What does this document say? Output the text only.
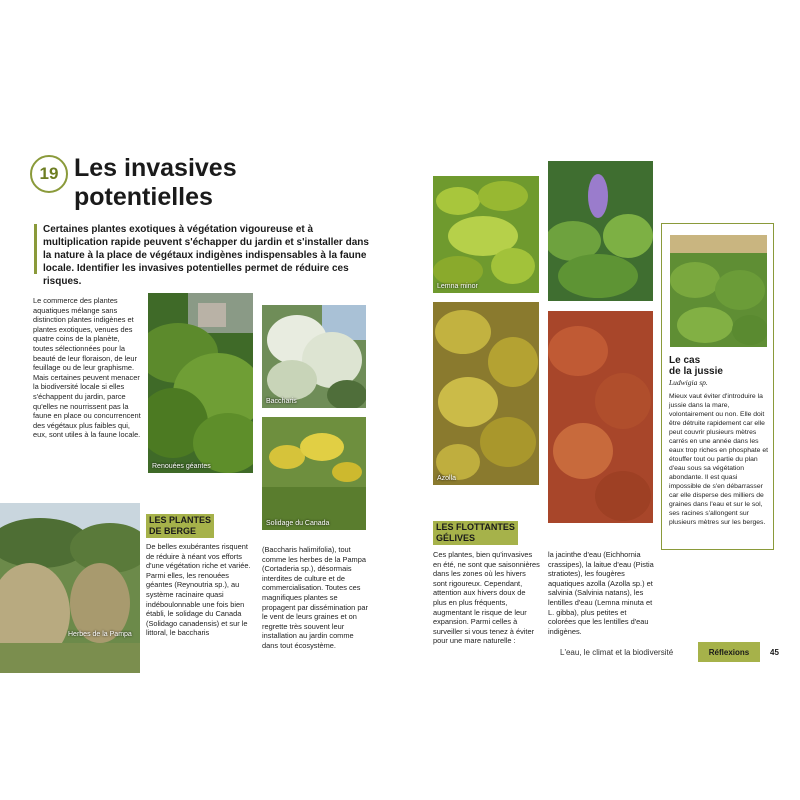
19 Les invasives
potentielles
Certaines plantes exotiques à végétation vigoureuse et à multiplication rapide peuvent s'échapper du jardin et s'installer dans la nature à la place de végétaux indigènes indispensables à la faune locale. Identifier les invasives potentielles permet de réduire ces risques.
Le commerce des plantes aquatiques mélange sans distinction plantes indigènes et plantes exotiques, venues des quatre coins de la planète, toutes sélectionnées pour la beauté de leur floraison, de leur feuillage ou de leur graphisme. Mais certaines peuvent menacer la biodiversité locale si elles s'échappent du jardin, parce qu'elles ne nourrissent pas la faune en place ou concurrencent des végétaux plus faibles qui, eux, sont utiles à la faune locale.
Renouées géantes
Baccharis
Solidage du Canada
Herbes de la Pampa
LES PLANTES
DE BERGE
De belles exubérantes risquent de réduire à néant vos efforts d'une végétation riche et variée. Parmi elles, les renouées géantes (Reynoutria sp.), au système racinaire quasi indéboulonnable une fois bien établi, le solidage du Canada (Solidago canadensis) et sur le littoral, le baccharis
(Baccharis halimifolia), tout comme les herbes de la Pampa (Cortaderia sp.), désormais interdites de culture et de commercialisation. Toutes ces magnifiques plantes se propagent par dissémination par le vent de leurs graines et on regrette très souvent leur installation au jardin comme dans tout écosystème.
Lemna minor
Azolla
Le cas
de la jussie
Ludwigia sp.
Mieux vaut éviter d'introduire la jussie dans la mare, volontairement ou non. Elle doit être détruite rapidement car elle peut couvrir plusieurs mètres carrés en une année dans les eaux trop riches en phosphate et étouffer tout ou partie du plan d'eau sous sa végétation abondante. Il est quasi impossible de s'en débarrasser car elle disperse des milliers de graines dans l'eau et sur le sol, ses racines s'allongent sur plusieurs mètres sur les berges.
LES FLOTTANTES
GÉLIVES
Ces plantes, bien qu'invasives en été, ne sont que saisonnières dans les zones où les hivers sont rigoureux. Cependant, attention aux hivers doux de plus en plus fréquents, augmentant le risque de leur expansion. Parmi celles à surveiller si vous tenez à éviter pour une mare naturelle :
la jacinthe d'eau (Eichhornia crassipes), la laitue d'eau (Pistia stratiotes), les fougères aquatiques azolla (Azolla sp.) et salvinia (Salvinia natans), les lentilles d'eau (Lemna minuta et L. gibba), plus petites et colorées que les lentilles d'eau indigènes.
L'eau, le climat et la biodiversité	Réflexions	45
